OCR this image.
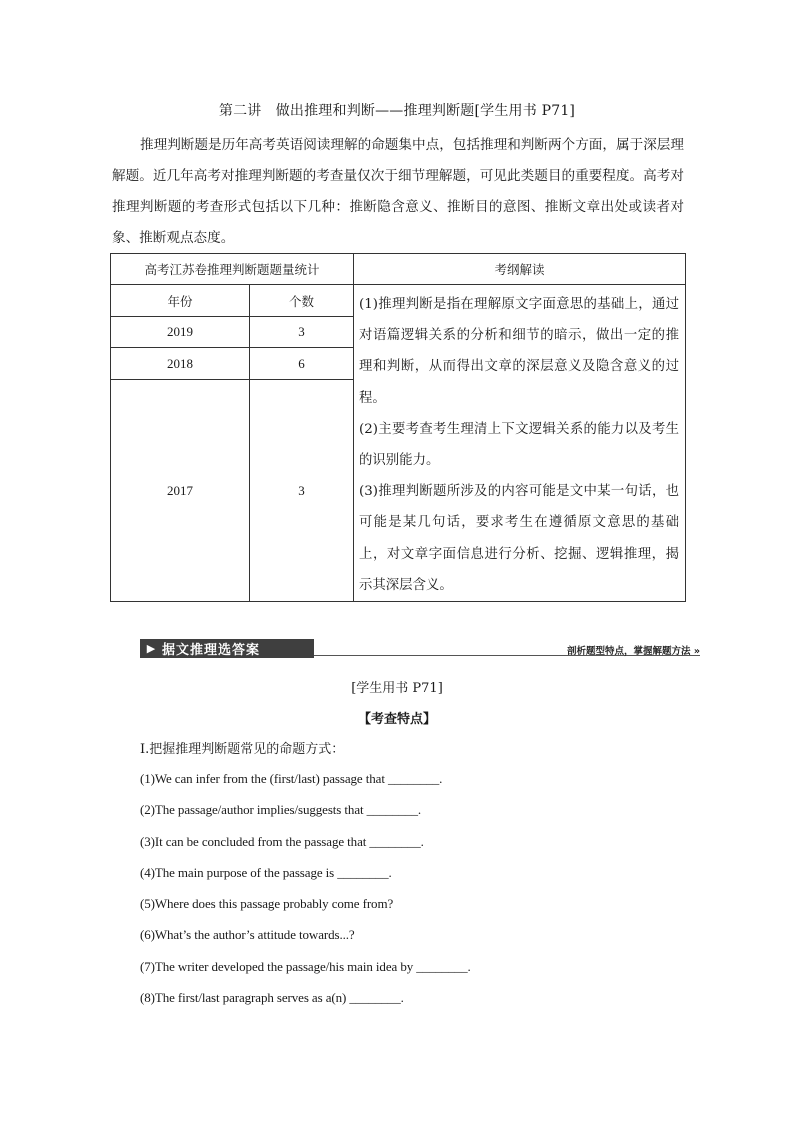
第二讲　做出推理和判断——推理判断题[学生用书 P71]
推理判断题是历年高考英语阅读理解的命题集中点，包括推理和判断两个方面，属于深层理解题。近几年高考对推理判断题的考查量仅次于细节理解题，可见此类题目的重要程度。高考对推理判断题的考查形式包括以下几种：推断隐含意义、推断目的意图、推断文章出处或读者对象、推断观点态度。
高考江苏卷推理判断题题量统计		考纲解读
年份	个数	(1)推理判断是指在理解原文字面意思的基础上，通过对语篇逻辑关系的分析和细节的暗示，做出一定的推理和判断，从而得出文章的深层意义及隐含意义的过程。

(2)主要考查考生理清上下文逻辑关系的能力以及考生的识别能力。

(3)推理判断题所涉及的内容可能是文中某一句话，也可能是某几句话，要求考生在遵循原文意思的基础上，对文章字面信息进行分析、挖掘、逻辑推理，揭示其深层含义。

2019	3	
2018	6	
2017	3	
▶ 据文推理选答案	剖析题型特点，掌握解题方法 »
[学生用书 P71]
【考查特点】
Ⅰ.把握推理判断题常见的命题方式：
(1)We can infer from the (first/last) passage that ________.
(2)The passage/author implies/suggests that ________.
(3)It can be concluded from the passage that ________.
(4)The main purpose of the passage is ________.
(5)Where does this passage probably come from?
(6)What’s the author’s attitude towards...?
(7)The writer developed the passage/his main idea by ________.
(8)The first/last paragraph serves as a(n) ________.
